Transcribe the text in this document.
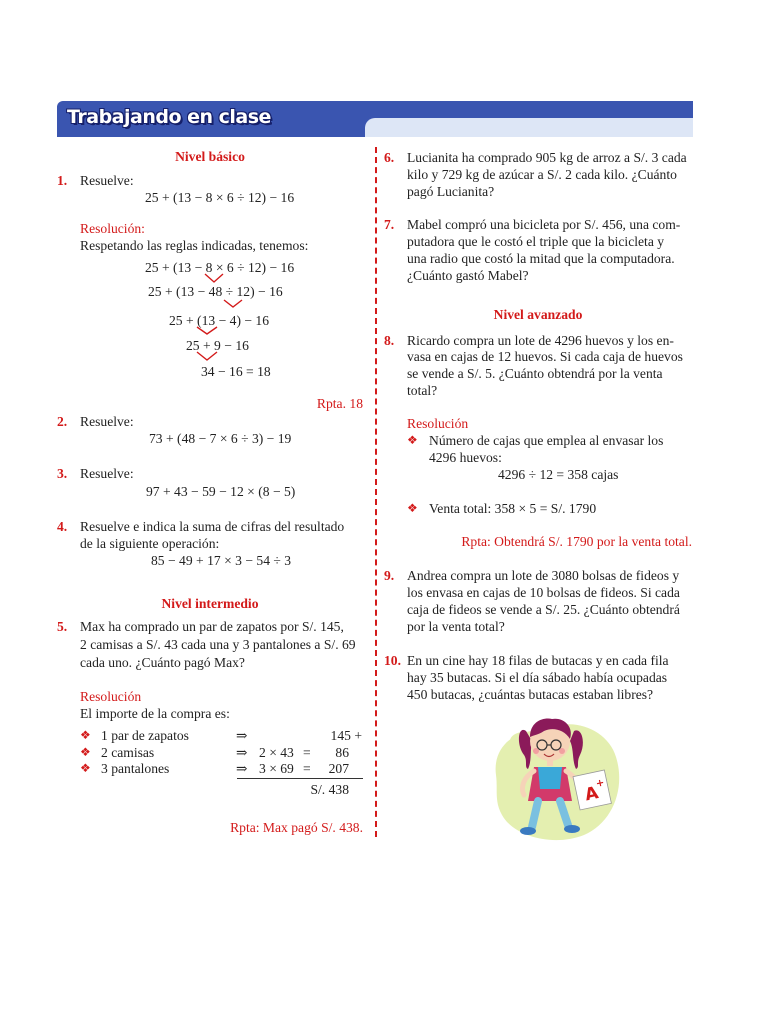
Trabajando en clase
Nivel básico
1. Resuelve:
25 + (13 − 8 × 6 ÷ 12) − 16
Resolución:
Respetando las reglas indicadas, tenemos:
25 + (13 − 8 × 6 ÷ 12) − 16
25 + (13 − 48 ÷ 12) − 16
25 + (13 − 4) − 16
25 + 9 − 16
34 − 16 = 18
Rpta. 18
2. Resuelve:
73 + (48 − 7 × 6 ÷ 3) − 19
3. Resuelve:
97 + 43 − 59 − 12 × (8 − 5)
4. Resuelve e indica la suma de cifras del resultado
de la siguiente operación:
85 − 49 + 17 × 3 − 54 ÷ 3
Nivel intermedio
5. Max ha comprado un par de zapatos por S/. 145,
2 camisas a S/. 43 cada una y 3 pantalones a S/. 69
cada uno. ¿Cuánto pagó Max?
Resolución
El importe de la compra es:
❖ 1 par de zapatos	⇒	145 +
❖ 2 camisas	⇒ 2 × 43 =	86
❖ 3 pantalones	⇒ 3 × 69 =	207
S/. 438
Rpta: Max pagó S/. 438.
6. Lucianita ha comprado 905 kg de arroz a S/. 3 cada
kilo y 729 kg de azúcar a S/. 2 cada kilo. ¿Cuánto
pagó Lucianita?
7. Mabel compró una bicicleta por S/. 456, una com-
putadora que le costó el triple que la bicicleta y
una radio que costó la mitad que la computadora.
¿Cuánto gastó Mabel?
Nivel avanzado
8. Ricardo compra un lote de 4296 huevos y los en-
vasa en cajas de 12 huevos. Si cada caja de huevos
se vende a S/. 5. ¿Cuánto obtendrá por la venta
total?
Resolución
❖ Número de cajas que emplea al envasar los
4296 huevos:
4296 ÷ 12 = 358 cajas
❖ Venta total: 358 × 5 = S/. 1790
Rpta: Obtendrá S/. 1790 por la venta total.
9. Andrea compra un lote de 3080 bolsas de fideos y
los envasa en cajas de 10 bolsas de fideos. Si cada
caja de fideos se vende a S/. 25. ¿Cuánto obtendrá
por la venta total?
10. En un cine hay 18 filas de butacas y en cada fila
hay 35 butacas. Si el día sábado había ocupadas
450 butacas, ¿cuántas butacas estaban libres?
A
+
